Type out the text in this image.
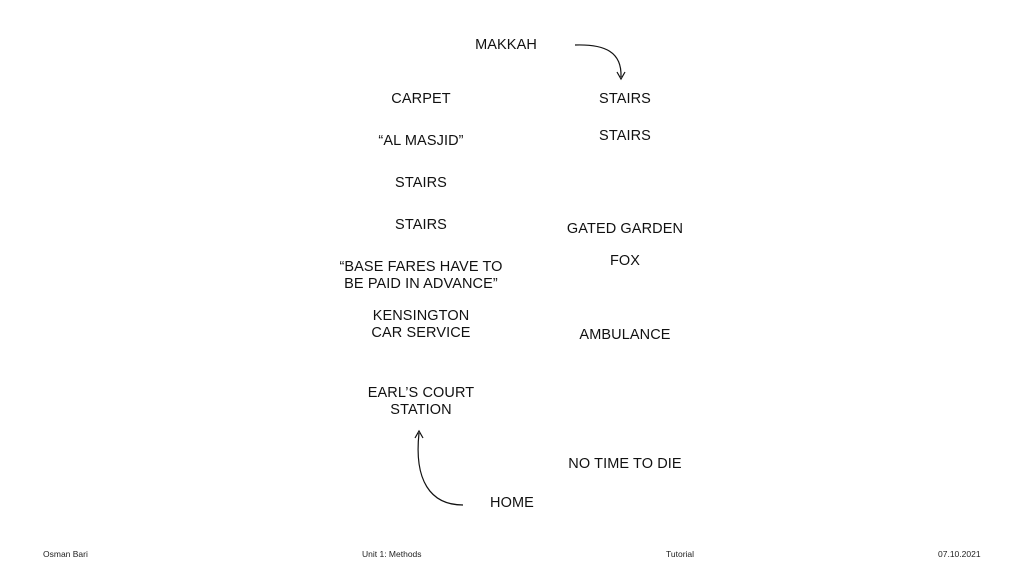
CARPET
“AL MASJID”
STAIRS
STAIRS
“BASE FARES HAVE TO
BE PAID IN ADVANCE”
KENSINGTON
CAR SERVICE
EARL’S COURT
STATION
MAKKAH
STAIRS
STAIRS
GATED GARDEN
FOX
AMBULANCE
NO TIME TO DIE
HOME
Osman Bari	Unit 1: Methods	Tutorial	07.10.2021
